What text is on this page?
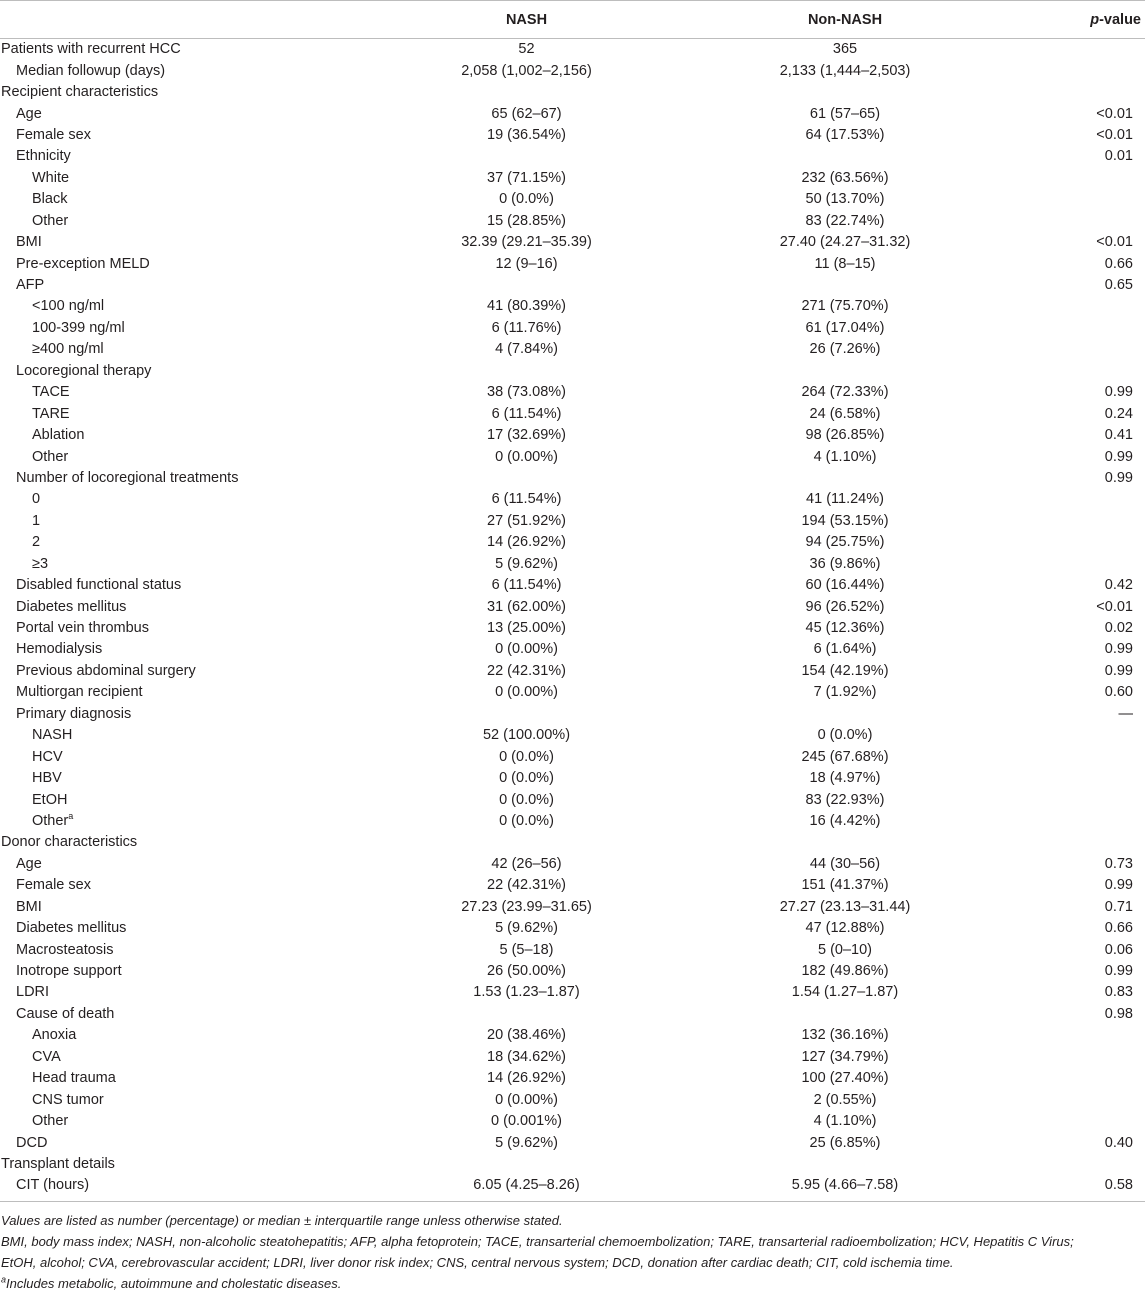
	NASH	Non-NASH	p-value
Patients with recurrent HCC	52	365	
Median followup (days)	2,058 (1,002–2,156)	2,133 (1,444–2,503)	
Recipient characteristics			
Age	65 (62–67)	61 (57–65)	<0.01
Female sex	19 (36.54%)	64 (17.53%)	<0.01
Ethnicity			0.01
White	37 (71.15%)	232 (63.56%)	
Black	0 (0.0%)	50 (13.70%)	
Other	15 (28.85%)	83 (22.74%)	
BMI	32.39 (29.21–35.39)	27.40 (24.27–31.32)	<0.01
Pre-exception MELD	12 (9–16)	11 (8–15)	0.66
AFP			0.65
<100 ng/ml	41 (80.39%)	271 (75.70%)	
100-399 ng/ml	6 (11.76%)	61 (17.04%)	
≥400 ng/ml	4 (7.84%)	26 (7.26%)	
Locoregional therapy			
TACE	38 (73.08%)	264 (72.33%)	0.99
TARE	6 (11.54%)	24 (6.58%)	0.24
Ablation	17 (32.69%)	98 (26.85%)	0.41
Other	0 (0.00%)	4 (1.10%)	0.99
Number of locoregional treatments			0.99
0	6 (11.54%)	41 (11.24%)	
1	27 (51.92%)	194 (53.15%)	
2	14 (26.92%)	94 (25.75%)	
≥3	5 (9.62%)	36 (9.86%)	
Disabled functional status	6 (11.54%)	60 (16.44%)	0.42
Diabetes mellitus	31 (62.00%)	96 (26.52%)	<0.01
Portal vein thrombus	13 (25.00%)	45 (12.36%)	0.02
Hemodialysis	0 (0.00%)	6 (1.64%)	0.99
Previous abdominal surgery	22 (42.31%)	154 (42.19%)	0.99
Multiorgan recipient	0 (0.00%)	7 (1.92%)	0.60
Primary diagnosis			—
NASH	52 (100.00%)	0 (0.0%)	
HCV	0 (0.0%)	245 (67.68%)	
HBV	0 (0.0%)	18 (4.97%)	
EtOH	0 (0.0%)	83 (22.93%)	
Other$^a$	0 (0.0%)	16 (4.42%)	
Donor characteristics			
Age	42 (26–56)	44 (30–56)	0.73
Female sex	22 (42.31%)	151 (41.37%)	0.99
BMI	27.23 (23.99–31.65)	27.27 (23.13–31.44)	0.71
Diabetes mellitus	5 (9.62%)	47 (12.88%)	0.66
Macrosteatosis	5 (5–18)	5 (0–10)	0.06
Inotrope support	26 (50.00%)	182 (49.86%)	0.99
LDRI	1.53 (1.23–1.87)	1.54 (1.27–1.87)	0.83
Cause of death			0.98
Anoxia	20 (38.46%)	132 (36.16%)	
CVA	18 (34.62%)	127 (34.79%)	
Head trauma	14 (26.92%)	100 (27.40%)	
CNS tumor	0 (0.00%)	2 (0.55%)	
Other	0 (0.001%)	4 (1.10%)	
DCD	5 (9.62%)	25 (6.85%)	0.40
Transplant details			
CIT (hours)	6.05 (4.25–8.26)	5.95 (4.66–7.58)	0.58

Values are listed as number (percentage) or median ± interquartile range unless otherwise stated.

BMI, body mass index; NASH, non-alcoholic steatohepatitis; AFP, alpha fetoprotein; TACE, transarterial chemoembolization; TARE, transarterial radioembolization; HCV, Hepatitis C Virus;

EtOH, alcohol; CVA, cerebrovascular accident; LDRI, liver donor risk index; CNS, central nervous system; DCD, donation after cardiac death; CIT, cold ischemia time.

$^a$Includes metabolic, autoimmune and cholestatic diseases.
